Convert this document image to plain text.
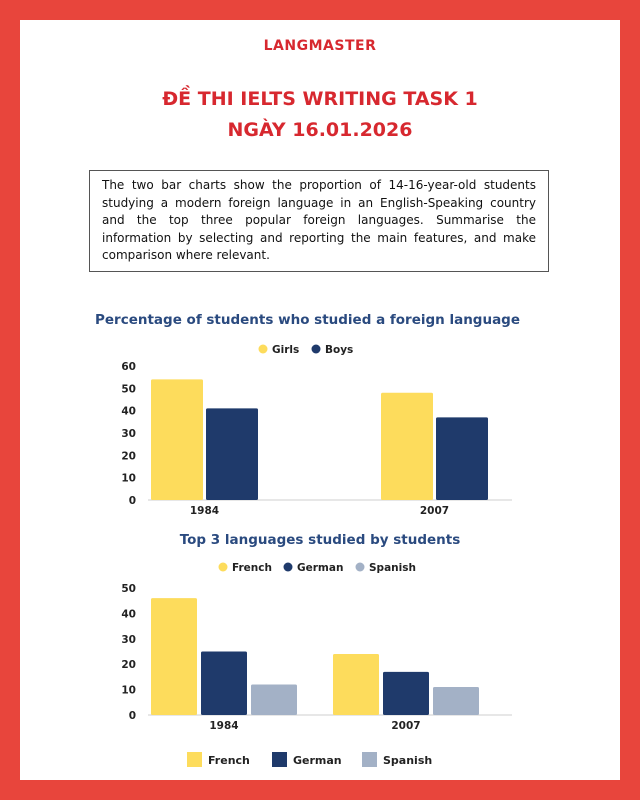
LANGMASTER
ĐỀ THI IELTS WRITING TASK 1
NGÀY 16.01.2026
The two bar charts show the proportion of 14-16-year-old students studying a modern foreign language in an English-Speaking country and the top three popular foreign languages. Summarise the information by selecting and reporting the main features, and make comparison where relevant.
Percentage of students who studied a foreign language
Top 3 languages studied by students
0
10
20
30
40
50
60
1984	2007
Girls Boys
0
10
20
30
40
50
1984	2007
French German Spanish
French	German	Spanish
